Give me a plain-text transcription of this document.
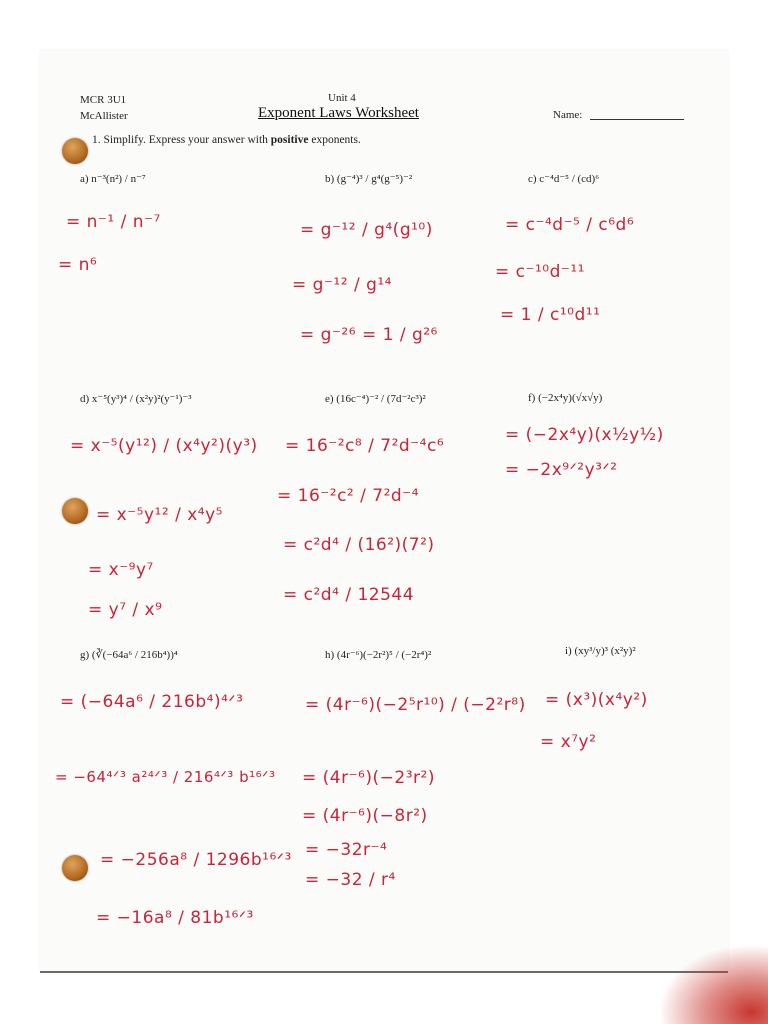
MCR 3U1
McAllister
Unit 4
Exponent Laws Worksheet	Name:
1. Simplify. Express your answer with positive exponents.
a) n⁻³(n²) / n⁻⁷
= n⁻¹ / n⁻⁷
= n⁶
b) (g⁻⁴)³ / g⁴(g⁻⁵)⁻²
= g⁻¹² / g⁴(g¹⁰)
= g⁻¹² / g¹⁴
= g⁻²⁶ = 1 / g²⁶
c) c⁻⁴d⁻⁵ / (cd)⁶
= c⁻⁴d⁻⁵ / c⁶d⁶
= c⁻¹⁰d⁻¹¹
= 1 / c¹⁰d¹¹
d) x⁻⁵(y³)⁴ / (x²y)²(y⁻¹)⁻³
= x⁻⁵(y¹²) / (x⁴y²)(y³)
= x⁻⁵y¹² / x⁴y⁵
= x⁻⁹y⁷
= y⁷ / x⁹
e) (16c⁻⁴)⁻² / (7d⁻²c³)²
= 16⁻²c⁸ / 7²d⁻⁴c⁶
= 16⁻²c² / 7²d⁻⁴
= c²d⁴ / (16²)(7²)
= c²d⁴ / 12544
f) (−2x⁴y)(√x√y)
= (−2x⁴y)(x½y½)
= −2x⁹ᐟ²y³ᐟ²
g) (∛(−64a⁶ / 216b⁴))⁴
= (−64a⁶ / 216b⁴)⁴ᐟ³
= −64⁴ᐟ³ a²⁴ᐟ³ / 216⁴ᐟ³ b¹⁶ᐟ³
= −256a⁸ / 1296b¹⁶ᐟ³
= −16a⁸ / 81b¹⁶ᐟ³
h) (4r⁻⁶)(−2r²)⁵ / (−2r⁴)²
= (4r⁻⁶)(−2⁵r¹⁰) / (−2²r⁸)
= (4r⁻⁶)(−2³r²)
= (4r⁻⁶)(−8r²)
= −32r⁻⁴
= −32 / r⁴
i) (xy³/y)³ (x²y)²
= (x³)(x⁴y²)
= x⁷y²
